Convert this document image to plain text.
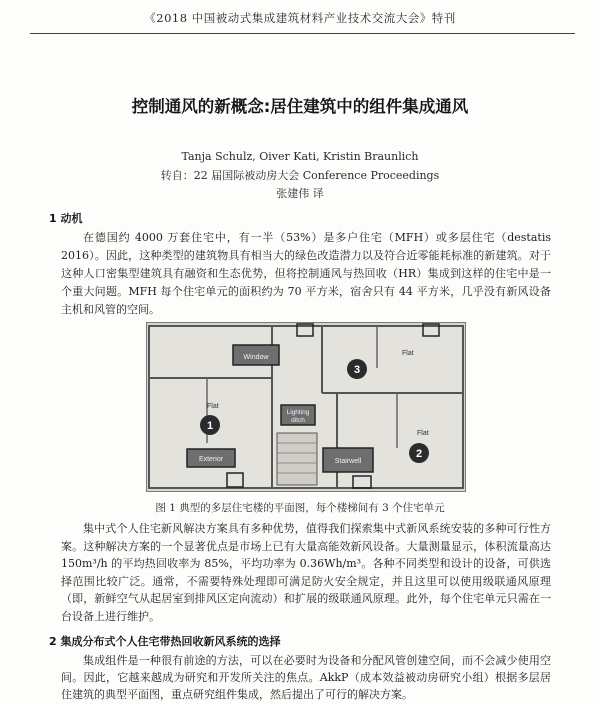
《2018 中国被动式集成建筑材料产业技术交流大会》特刊
控制通风的新概念:居住建筑中的组件集成通风
Tanja Schulz, Oiver Kati, Kristin Braunlich
转自：22 届国际被动房大会 Conference Proceedings
张建伟 译
1 动机

在德国约 4000 万套住宅中，有一半（53%）是多户住宅（MFH）或多层住宅（destatis 2016）。因此，这种类型的建筑物具有相当大的绿色改造潜力以及符合近零能耗标准的新建筑。对于这种人口密集型建筑具有融资和生态优势，但将控制通风与热回收（HR）集成到这样的住宅中是一个重大问题。MFH 每个住宅单元的面积约为 70 平方米，宿舍只有 44 平方米，几乎没有新风设备主机和风管的空间。

Window
Flat
Flat
Flat
Lighting
ditch
Exterior	Stairwell
1
2
3
图 1 典型的多层住宅楼的平面图，每个楼梯间有 3 个住宅单元

集中式个人住宅新风解决方案具有多种优势，值得我们探索集中式新风系统安装的多种可行性方案。这种解决方案的一个显著优点是市场上已有大量高能效新风设备。大量测量显示，体积流量高达 150m³/h 的平均热回收率为 85%，平均功率为 0.36Wh/m³。各种不同类型和设计的设备，可供选择范围比较广泛。通常，不需要特殊处理即可满足防火安全规定，并且这里可以使用级联通风原理（即，新鲜空气从起居室到排风区定向流动）和扩展的级联通风原理。此外，每个住宅单元只需在一台设备上进行维护。

2 集成分布式个人住宅带热回收新风系统的选择

集成组件是一种很有前途的方法，可以在必要时为设备和分配风管创建空间，而不会减少使用空间。因此，它越来越成为研究和开发所关注的焦点。AkkP（成本效益被动房研究小组）根据多层居住建筑的典型平面图，重点研究组件集成，然后提出了可行的解决方案。
